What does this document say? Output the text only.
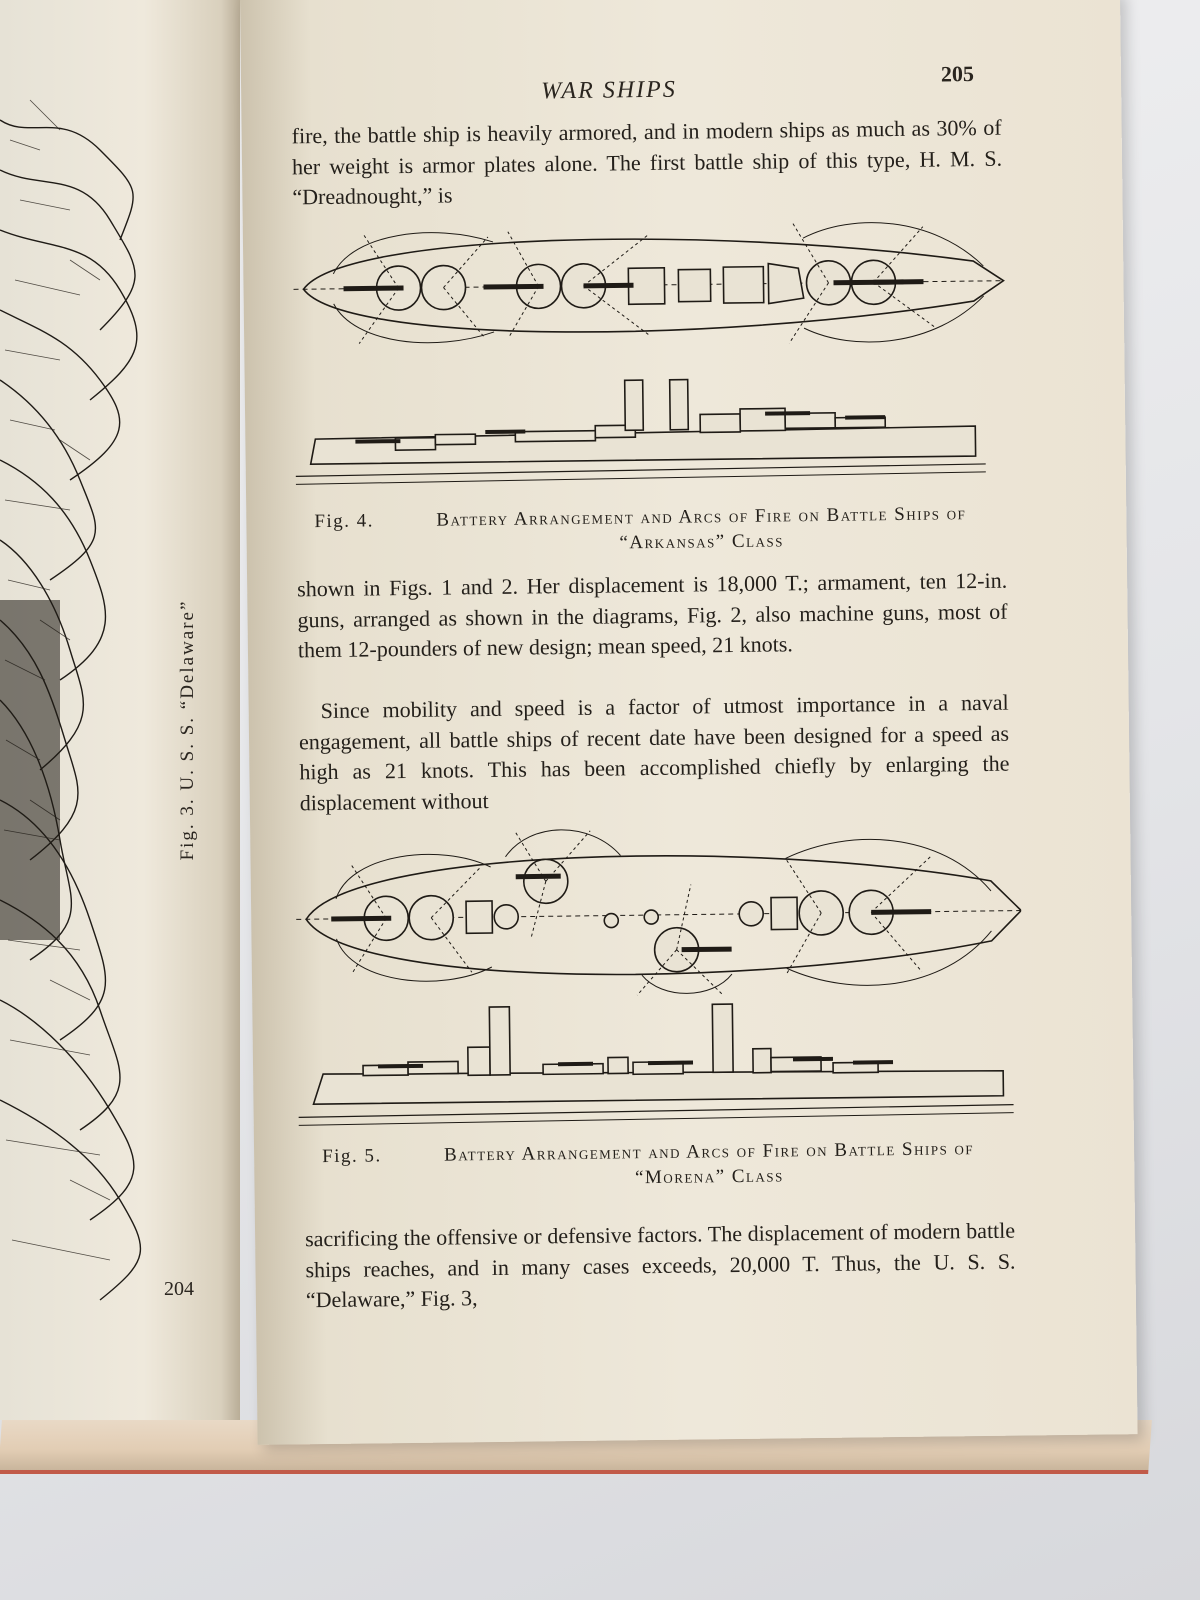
Fig. 3. U. S. S. “Delaware”
204
WAR SHIPS
205

fire, the battle ship is heavily armored, and in modern ships as much as 30% of her weight is armor plates alone. The first battle ship of this type, H. M. S. “Dreadnought,” is

Fig. 4.	Battery Arrangement and Arcs of Fire on Battle Ships of “Arkansas” Class

shown in Figs. 1 and 2. Her displacement is 18,000 T.; armament, ten 12-in. guns, arranged as shown in the diagrams, Fig. 2, also machine guns, most of them 12-pounders of new design; mean speed, 21 knots.

Since mobility and speed is a factor of utmost importance in a naval engagement, all battle ships of recent date have been designed for a speed as high as 21 knots. This has been accomplished chiefly by enlarging the displacement without

Fig. 5.	Battery Arrangement and Arcs of Fire on Battle Ships of “Morena” Class

sacrificing the offensive or defensive factors. The displacement of modern battle ships reaches, and in many cases exceeds, 20,000 T. Thus, the U. S. S. “Delaware,” Fig. 3,
